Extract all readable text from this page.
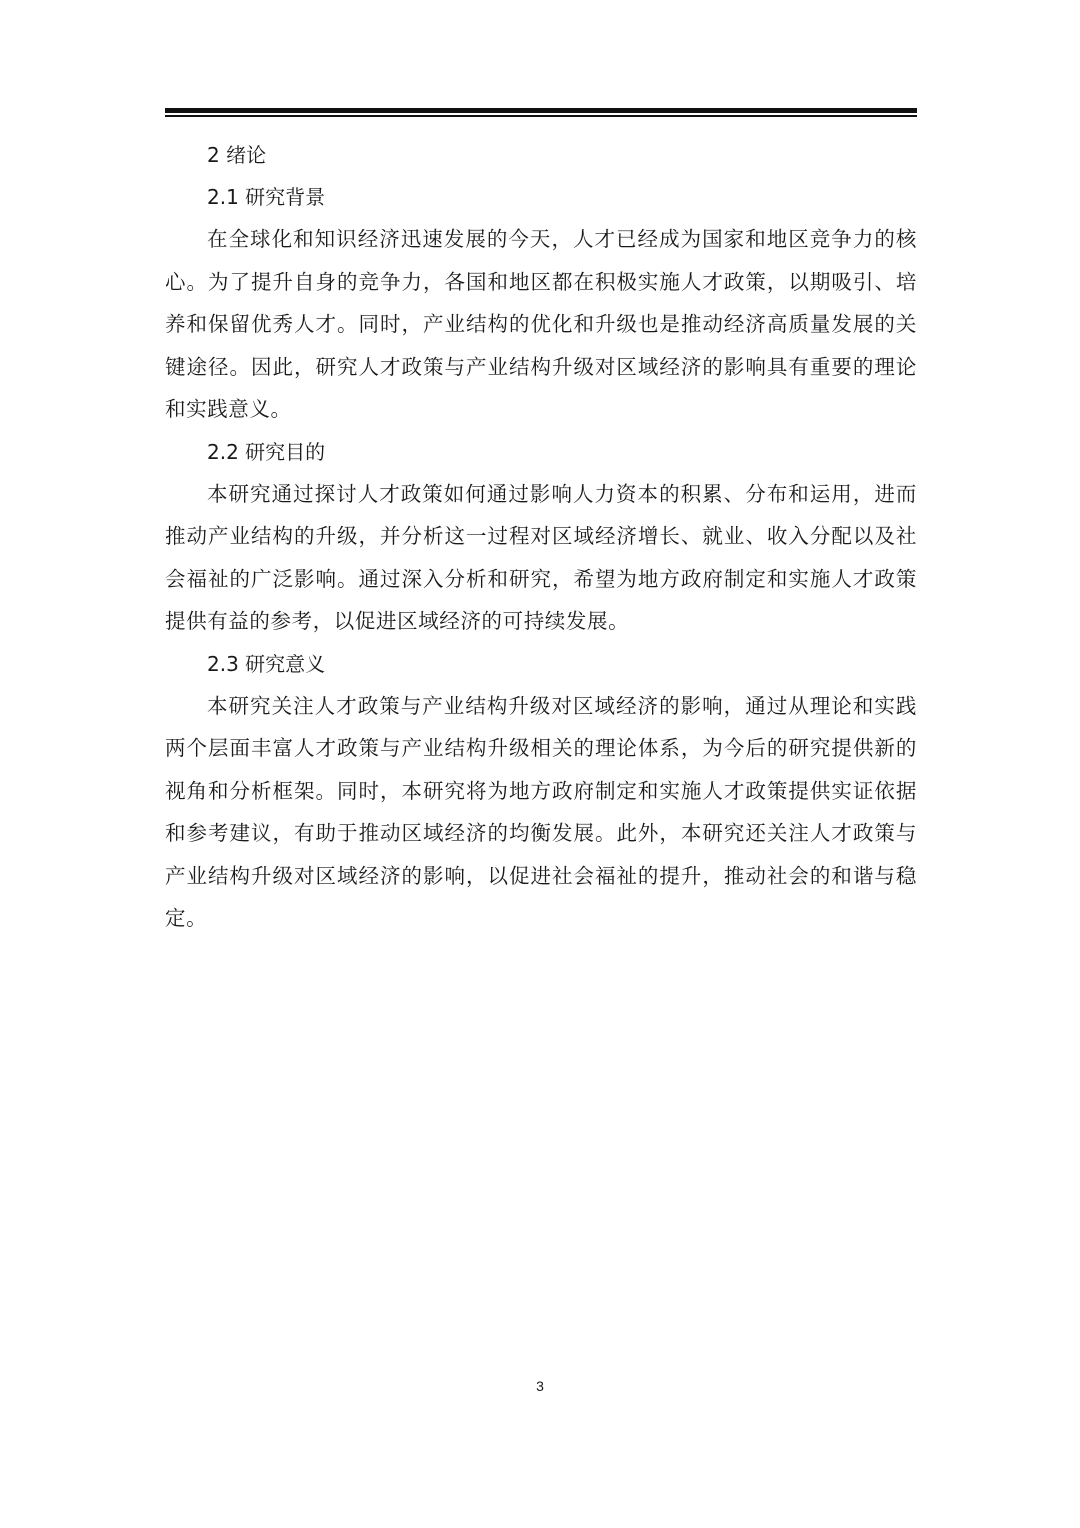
2 绪论
2.1 研究背景

在全球化和知识经济迅速发展的今天，人才已经成为国家和地区竞争力的核心。为了提升自身的竞争力，各国和地区都在积极实施人才政策，以期吸引、培养和保留优秀人才。同时，产业结构的优化和升级也是推动经济高质量发展的关键途径。因此，研究人才政策与产业结构升级对区域经济的影响具有重要的理论和实践意义。

2.2 研究目的

本研究通过探讨人才政策如何通过影响人力资本的积累、分布和运用，进而推动产业结构的升级，并分析这一过程对区域经济增长、就业、收入分配以及社会福祉的广泛影响。通过深入分析和研究，希望为地方政府制定和实施人才政策提供有益的参考，以促进区域经济的可持续发展。

2.3 研究意义

本研究关注人才政策与产业结构升级对区域经济的影响，通过从理论和实践两个层面丰富人才政策与产业结构升级相关的理论体系，为今后的研究提供新的视角和分析框架。同时，本研究将为地方政府制定和实施人才政策提供实证依据和参考建议，有助于推动区域经济的均衡发展。此外，本研究还关注人才政策与产业结构升级对区域经济的影响，以促进社会福祉的提升，推动社会的和谐与稳定。

3
